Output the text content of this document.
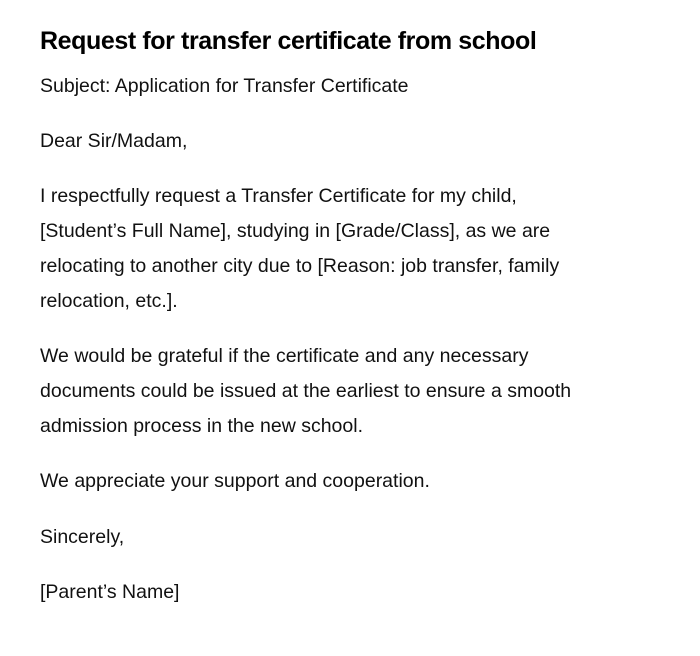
Request for transfer certificate from school

Subject: Application for Transfer Certificate

Dear Sir/Madam,

I respectfully request a Transfer Certificate for my child,
[Student’s Full Name], studying in [Grade/Class], as we are
relocating to another city due to [Reason: job transfer, family
relocation, etc.].

We would be grateful if the certificate and any necessary
documents could be issued at the earliest to ensure a smooth
admission process in the new school.

We appreciate your support and cooperation.

Sincerely,

[Parent’s Name]
